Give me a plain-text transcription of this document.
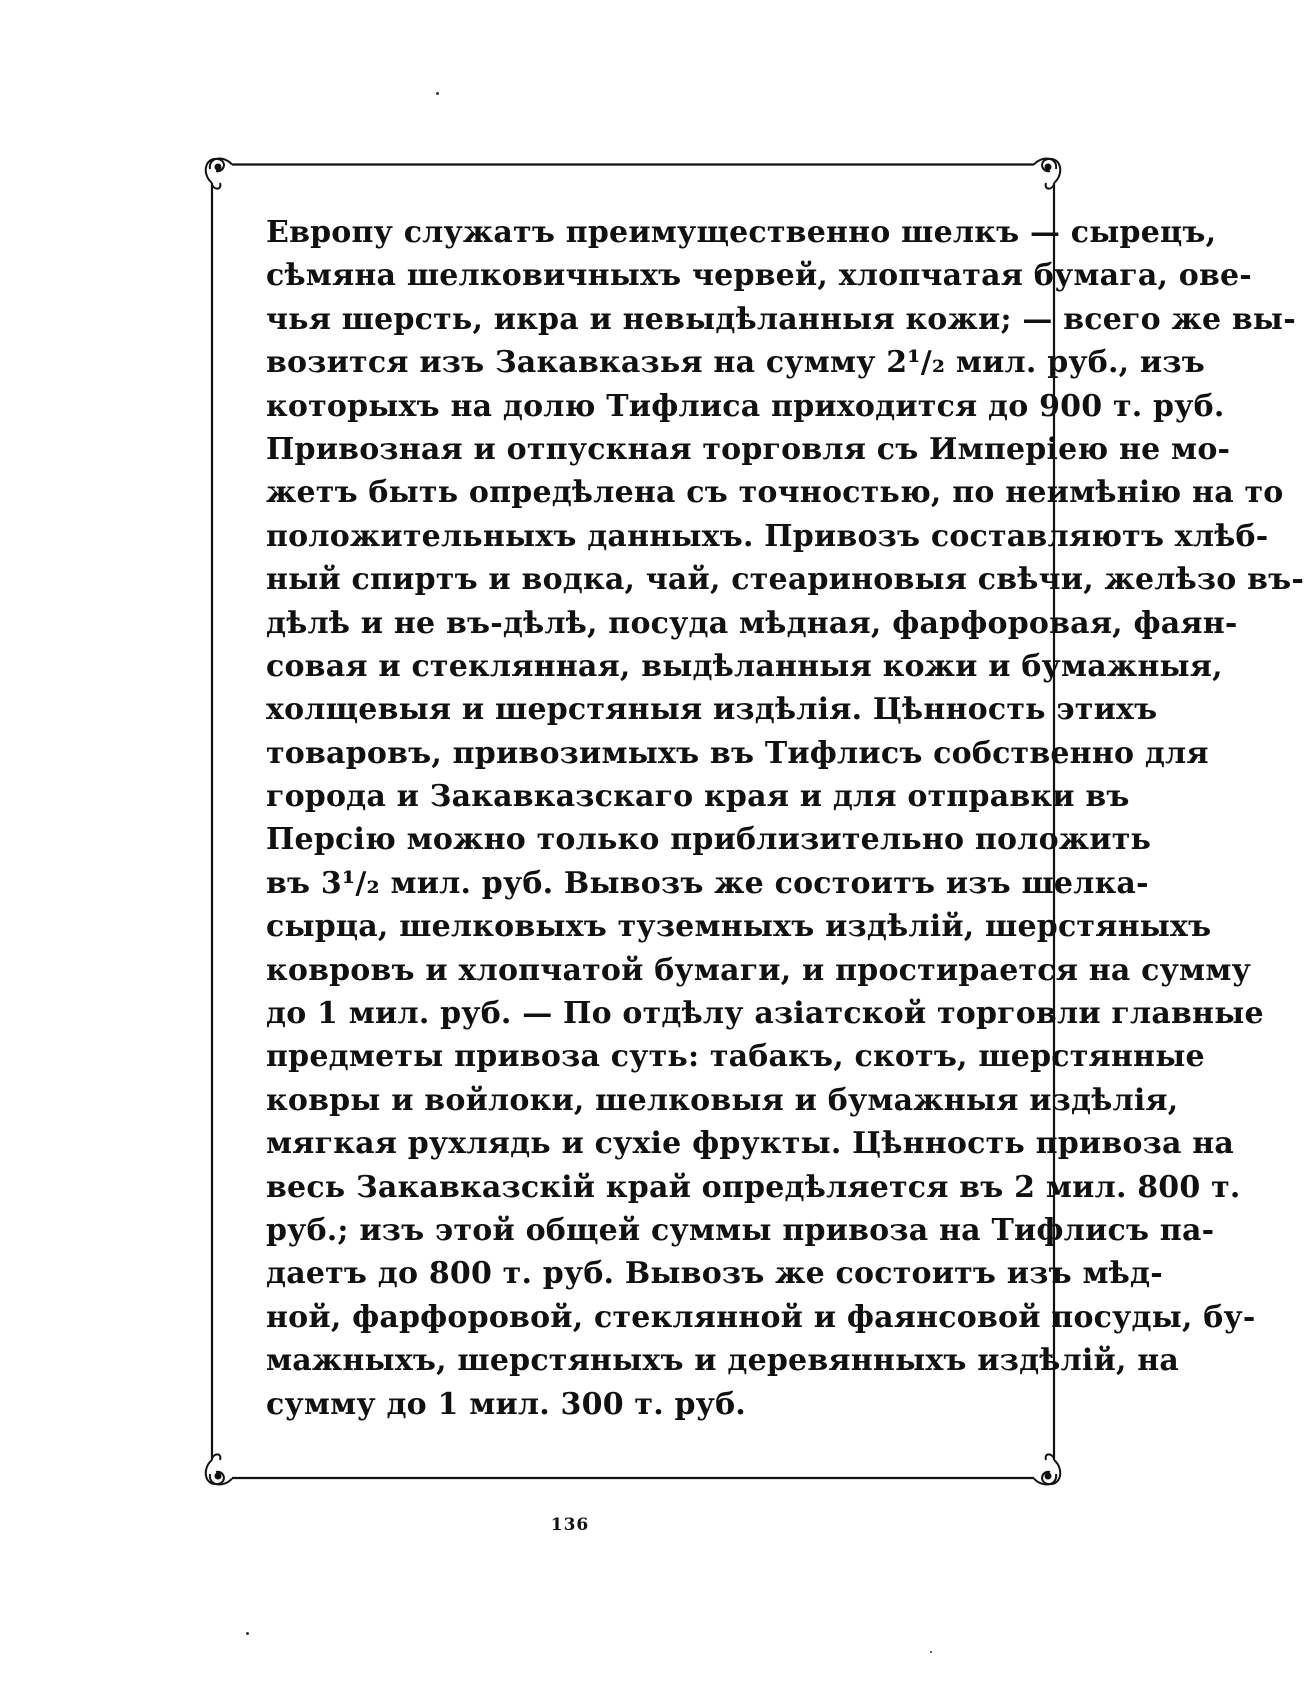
Европу служатъ преимущественно шелкъ — сырецъ,
сѣмяна шелковичныхъ червей, хлопчатая бумага, ове-
чья шерсть, икра и невыдѣланныя кожи; — всего же вы-
возится изъ Закавказья на сумму 2¹/₂ мил. руб., изъ
которыхъ на долю Тифлиса приходится до 900 т. руб.
Привозная и отпускная торговля съ Имперіею не мо-
жетъ быть опредѣлена съ точностью, по неимѣнію на то
положительныхъ данныхъ. Привозъ составляютъ хлѣб-
ный спиртъ и водка, чай, стеариновыя свѣчи, желѣзо въ-
дѣлѣ и не въ-дѣлѣ, посуда мѣдная, фарфоровая, фаян-
совая и стеклянная, выдѣланныя кожи и бумажныя,
холщевыя и шерстяныя издѣлія. Цѣнность этихъ
товаровъ, привозимыхъ въ Тифлисъ собственно для
города и Закавказскаго края и для отправки въ
Персію можно только приблизительно положить
въ 3¹/₂ мил. руб. Вывозъ же состоитъ изъ шелка-
сырца, шелковыхъ туземныхъ издѣлій, шерстяныхъ
ковровъ и хлопчатой бумаги, и простирается на сумму
до 1 мил. руб. — По отдѣлу азіатской торговли главные
предметы привоза суть: табакъ, скотъ, шерстянные
ковры и войлоки, шелковыя и бумажныя издѣлія,
мягкая рухлядь и сухіе фрукты. Цѣнность привоза на
весь Закавказскій край опредѣляется въ 2 мил. 800 т.
руб.; изъ этой общей суммы привоза на Тифлисъ па-
даетъ до 800 т. руб. Вывозъ же состоитъ изъ мѣд-
ной, фарфоровой, стеклянной и фаянсовой посуды, бу-
мажныхъ, шерстяныхъ и деревянныхъ издѣлій, на
сумму до 1 мил. 300 т. руб.
136
